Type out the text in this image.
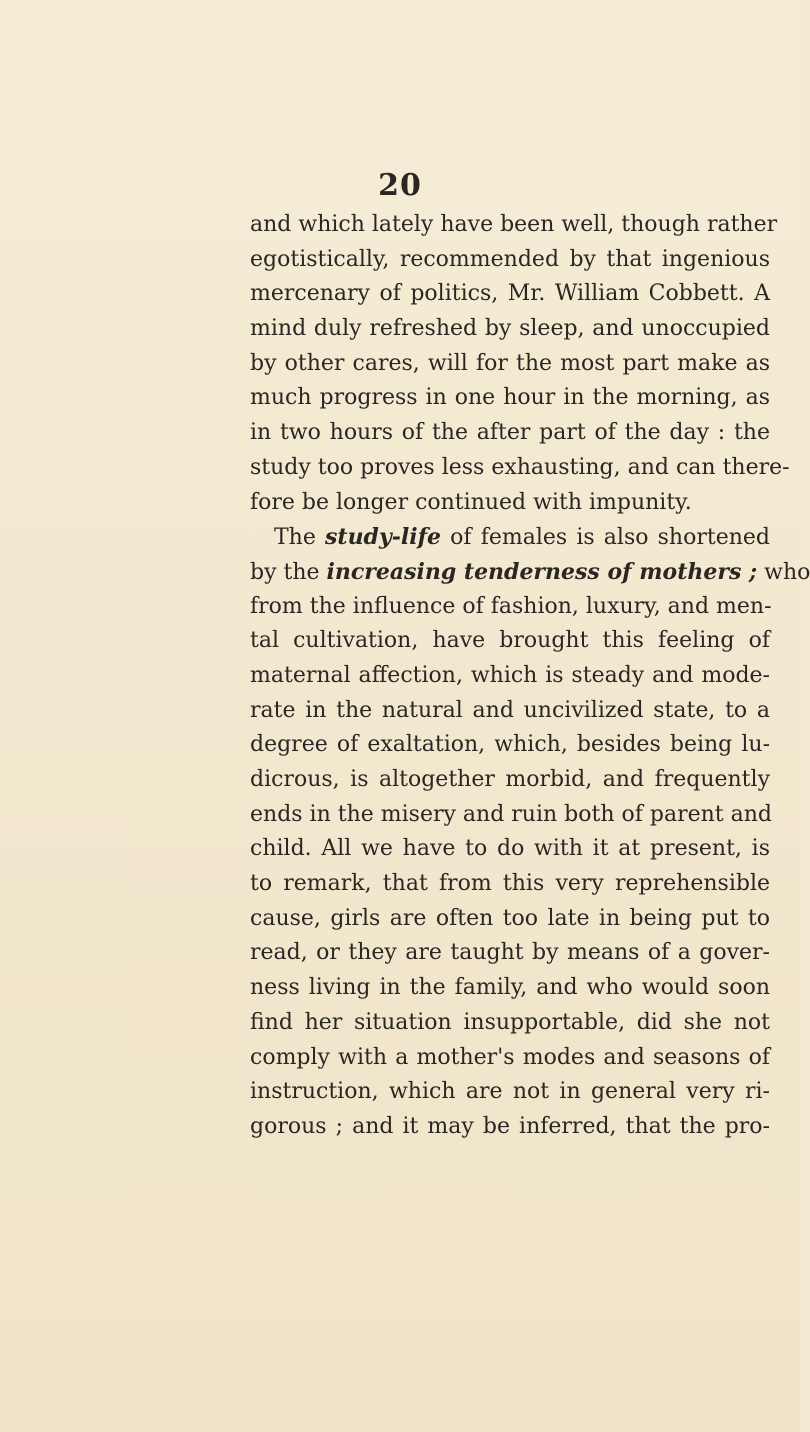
20
and which lately have been well, though rather
egotistically, recommended by that ingenious
mercenary of politics, Mr. William Cobbett. A
mind duly refreshed by sleep, and unoccupied
by other cares, will for the most part make as
much progress in one hour in the morning, as
in two hours of the after part of the day : the
study too proves less exhausting, and can there-
fore be longer continued with impunity.
The study-life of females is also shortened
by the increasing tenderness of mothers ; who
from the influence of fashion, luxury, and men-
tal cultivation, have brought this feeling of
maternal affection, which is steady and mode-
rate in the natural and uncivilized state, to a
degree of exaltation, which, besides being lu-
dicrous, is altogether morbid, and frequently
ends in the misery and ruin both of parent and
child. All we have to do with it at present, is
to remark, that from this very reprehensible
cause, girls are often too late in being put to
read, or they are taught by means of a gover-
ness living in the family, and who would soon
find her situation insupportable, did she not
comply with a mother's modes and seasons of
instruction, which are not in general very ri-
gorous ; and it may be inferred, that the pro-
